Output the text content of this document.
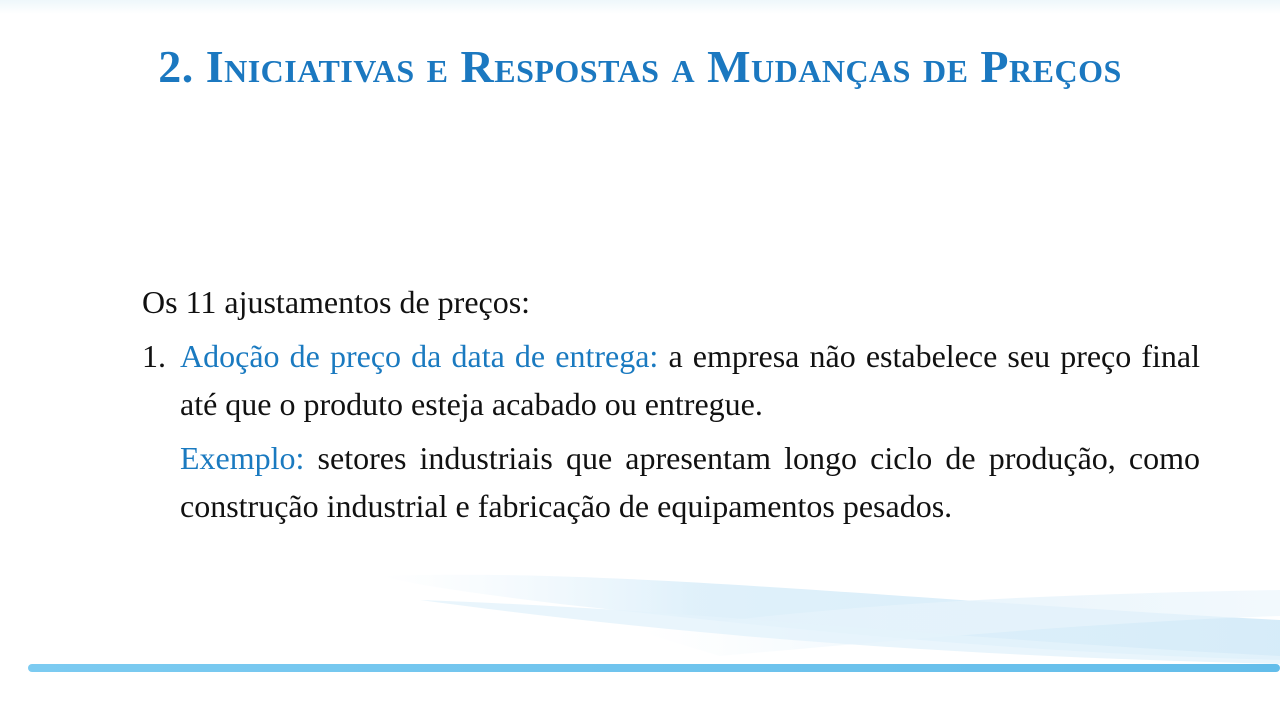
2. Iniciativas e Respostas a Mudanças de Preços

Os 11 ajustamentos de preços:

1. Adoção de preço da data de entrega: a empresa não estabelece seu preço final até que o produto esteja acabado ou entregue.

Exemplo: setores industriais que apresentam longo ciclo de produção, como construção industrial e fabricação de equipamentos pesados.
